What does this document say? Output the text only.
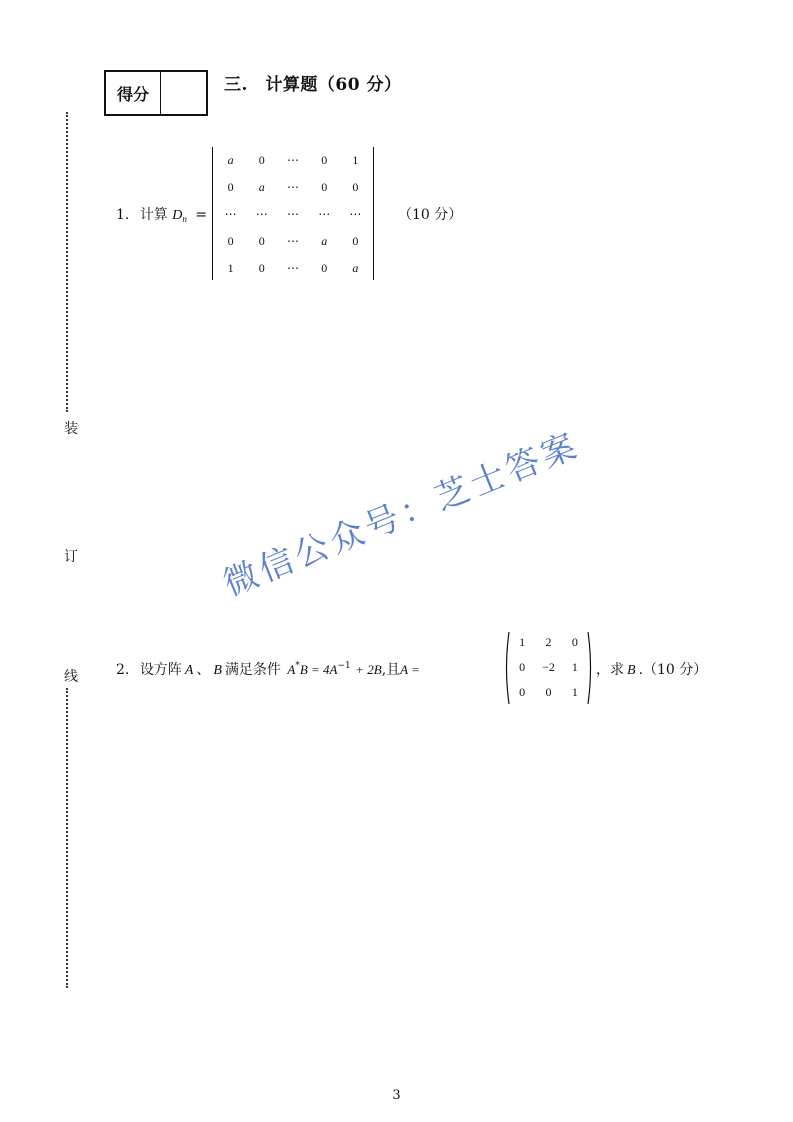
得分	三.　计算题（60 分）
装
订
线
1. 计算 $D_n$ =
a	0	⋯	0	1
0	a	⋯	0	0
⋯	⋯	⋯	⋯	⋯
0	0	⋯	a	0
1	0	⋯	0	a
（10 分）
微信公众号：芝士答案
2. 设方阵 A 、 B 满足条件 $A^*B = 4A^{-1} + 2B$,且A =
1	2	0
0	−2	1
0	0	1
，求 B .（10 分）
3
